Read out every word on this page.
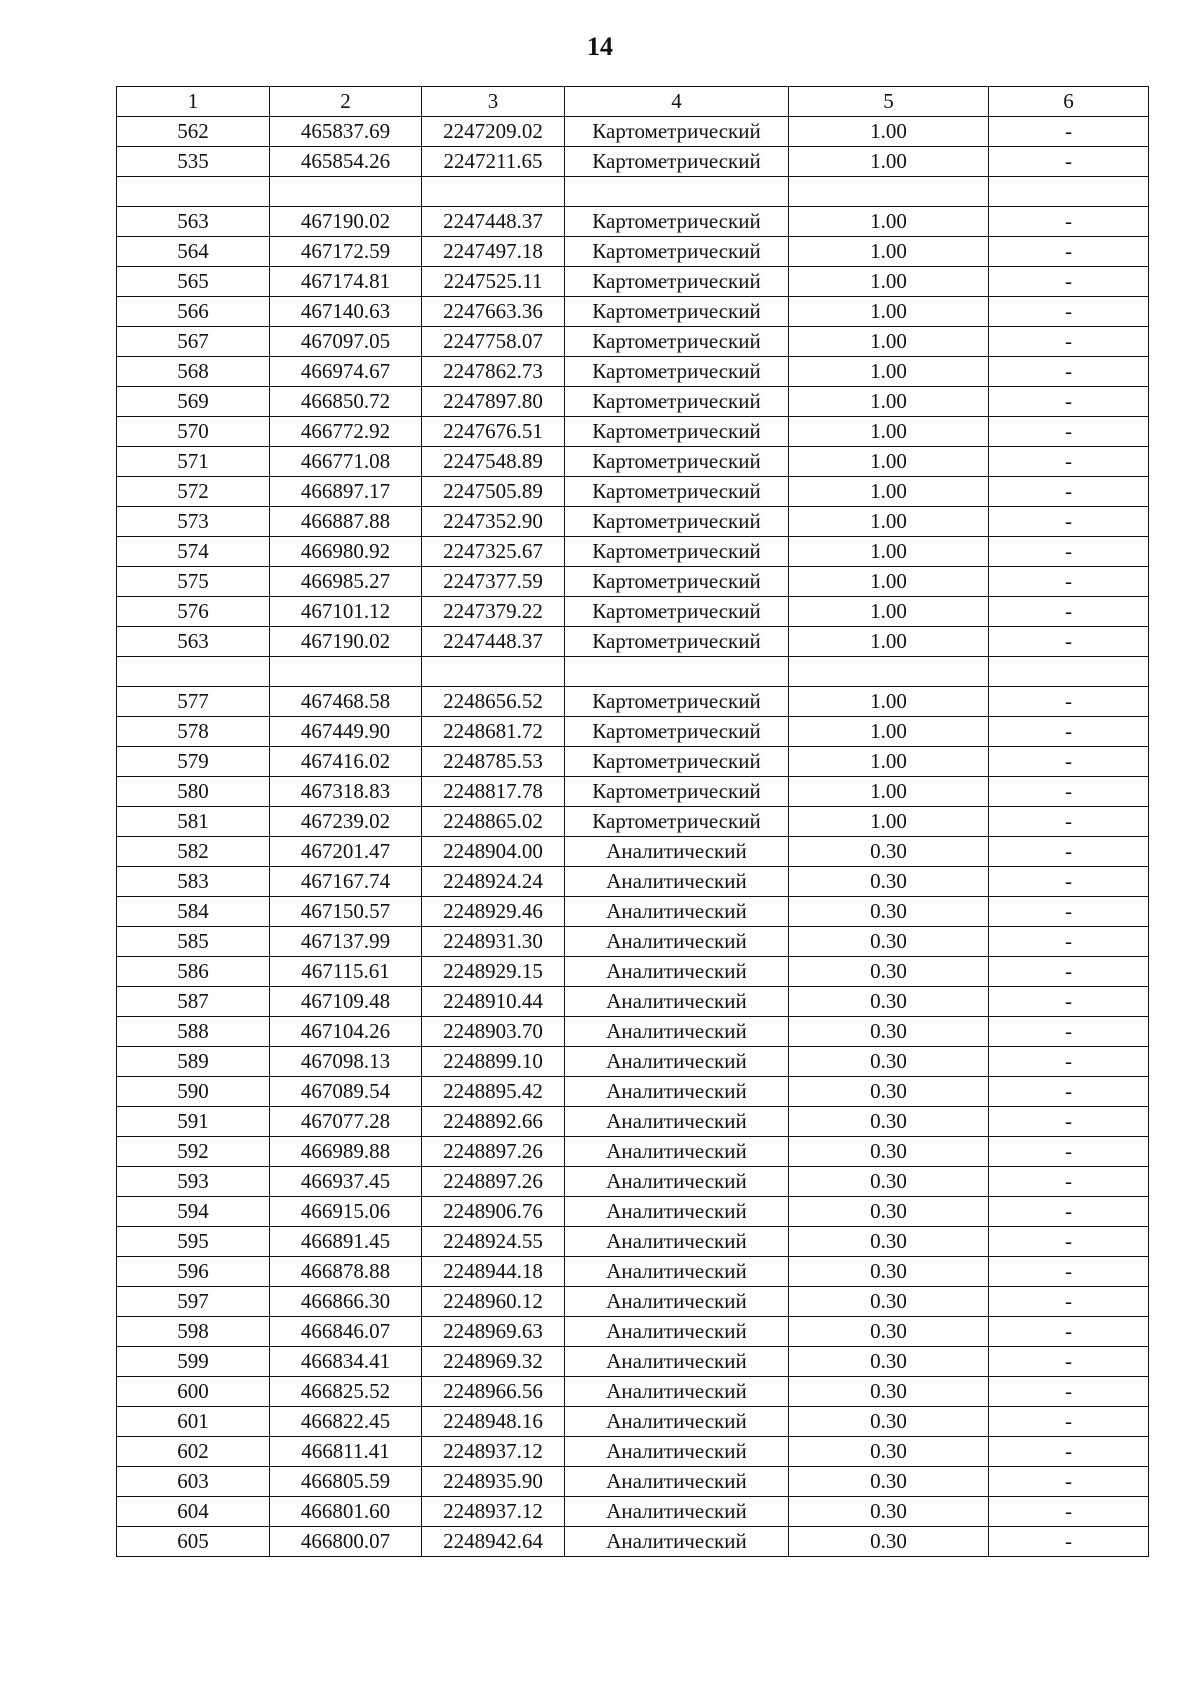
14
1	2	3	4	5	6
562	465837.69	2247209.02	Картометрический	1.00	-
535	465854.26	2247211.65	Картометрический	1.00	-

563	467190.02	2247448.37	Картометрический	1.00	-
564	467172.59	2247497.18	Картометрический	1.00	-
565	467174.81	2247525.11	Картометрический	1.00	-
566	467140.63	2247663.36	Картометрический	1.00	-
567	467097.05	2247758.07	Картометрический	1.00	-
568	466974.67	2247862.73	Картометрический	1.00	-
569	466850.72	2247897.80	Картометрический	1.00	-
570	466772.92	2247676.51	Картометрический	1.00	-
571	466771.08	2247548.89	Картометрический	1.00	-
572	466897.17	2247505.89	Картометрический	1.00	-
573	466887.88	2247352.90	Картометрический	1.00	-
574	466980.92	2247325.67	Картометрический	1.00	-
575	466985.27	2247377.59	Картометрический	1.00	-
576	467101.12	2247379.22	Картометрический	1.00	-
563	467190.02	2247448.37	Картометрический	1.00	-

577	467468.58	2248656.52	Картометрический	1.00	-
578	467449.90	2248681.72	Картометрический	1.00	-
579	467416.02	2248785.53	Картометрический	1.00	-
580	467318.83	2248817.78	Картометрический	1.00	-
581	467239.02	2248865.02	Картометрический	1.00	-
582	467201.47	2248904.00	Аналитический	0.30	-
583	467167.74	2248924.24	Аналитический	0.30	-
584	467150.57	2248929.46	Аналитический	0.30	-
585	467137.99	2248931.30	Аналитический	0.30	-
586	467115.61	2248929.15	Аналитический	0.30	-
587	467109.48	2248910.44	Аналитический	0.30	-
588	467104.26	2248903.70	Аналитический	0.30	-
589	467098.13	2248899.10	Аналитический	0.30	-
590	467089.54	2248895.42	Аналитический	0.30	-
591	467077.28	2248892.66	Аналитический	0.30	-
592	466989.88	2248897.26	Аналитический	0.30	-
593	466937.45	2248897.26	Аналитический	0.30	-
594	466915.06	2248906.76	Аналитический	0.30	-
595	466891.45	2248924.55	Аналитический	0.30	-
596	466878.88	2248944.18	Аналитический	0.30	-
597	466866.30	2248960.12	Аналитический	0.30	-
598	466846.07	2248969.63	Аналитический	0.30	-
599	466834.41	2248969.32	Аналитический	0.30	-
600	466825.52	2248966.56	Аналитический	0.30	-
601	466822.45	2248948.16	Аналитический	0.30	-
602	466811.41	2248937.12	Аналитический	0.30	-
603	466805.59	2248935.90	Аналитический	0.30	-
604	466801.60	2248937.12	Аналитический	0.30	-
605	466800.07	2248942.64	Аналитический	0.30	-
